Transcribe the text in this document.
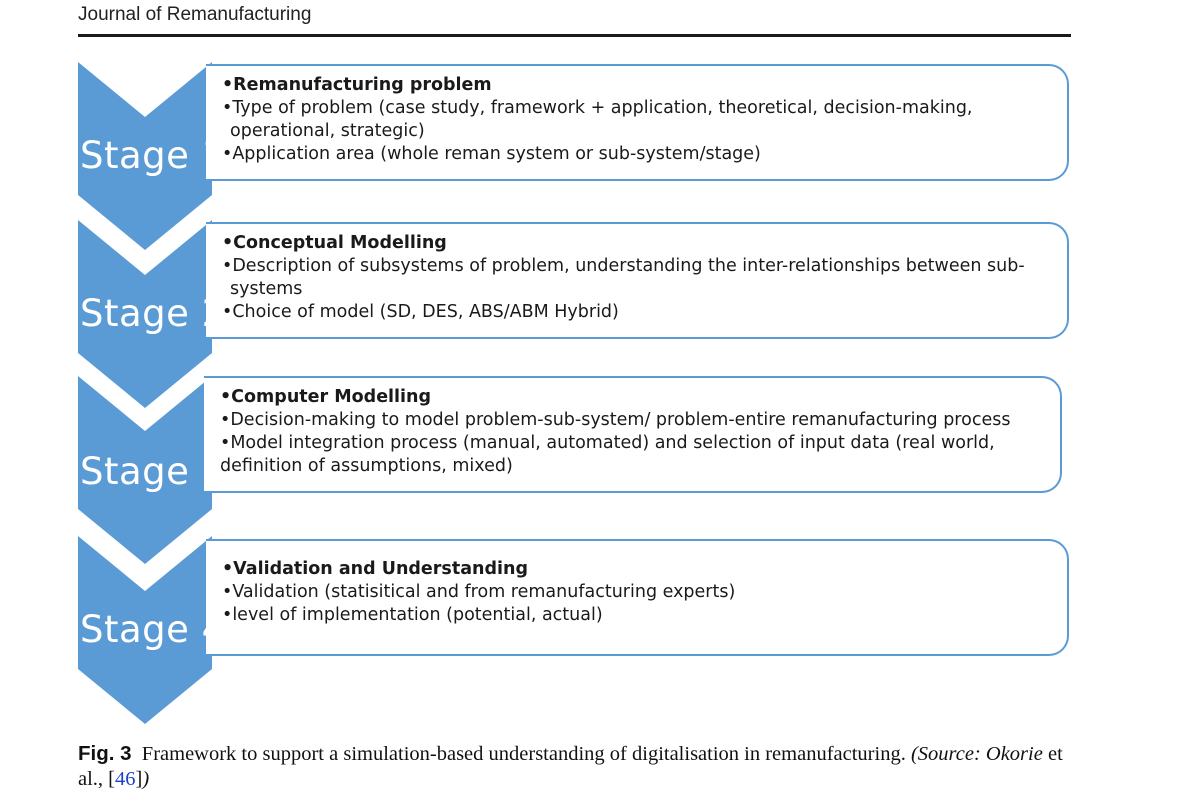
Journal of Remanufacturing
•Remanufacturing problem
•Type of problem (case study, framework + application, theoretical, decision-making,
operational, strategic)
•Application area (whole reman system or sub-system/stage)
Stage 1
•Conceptual Modelling
•Description of subsystems of problem, understanding the inter-relationships between sub-
systems
•Choice of model (SD, DES, ABS/ABM Hybrid)
Stage 2
•Computer Modelling
•Decision-making to model problem-sub-system/ problem-entire remanufacturing process
•Model integration process (manual, automated) and selection of input data (real world,
definition of assumptions, mixed)
Stage 3
•Validation and Understanding
•Validation (statisitical and from remanufacturing experts)
•level of implementation (potential, actual)
Stage 4
Fig. 3 Framework to support a simulation-based understanding of digitalisation in remanufacturing. (Source: Okorie et al., [46])
